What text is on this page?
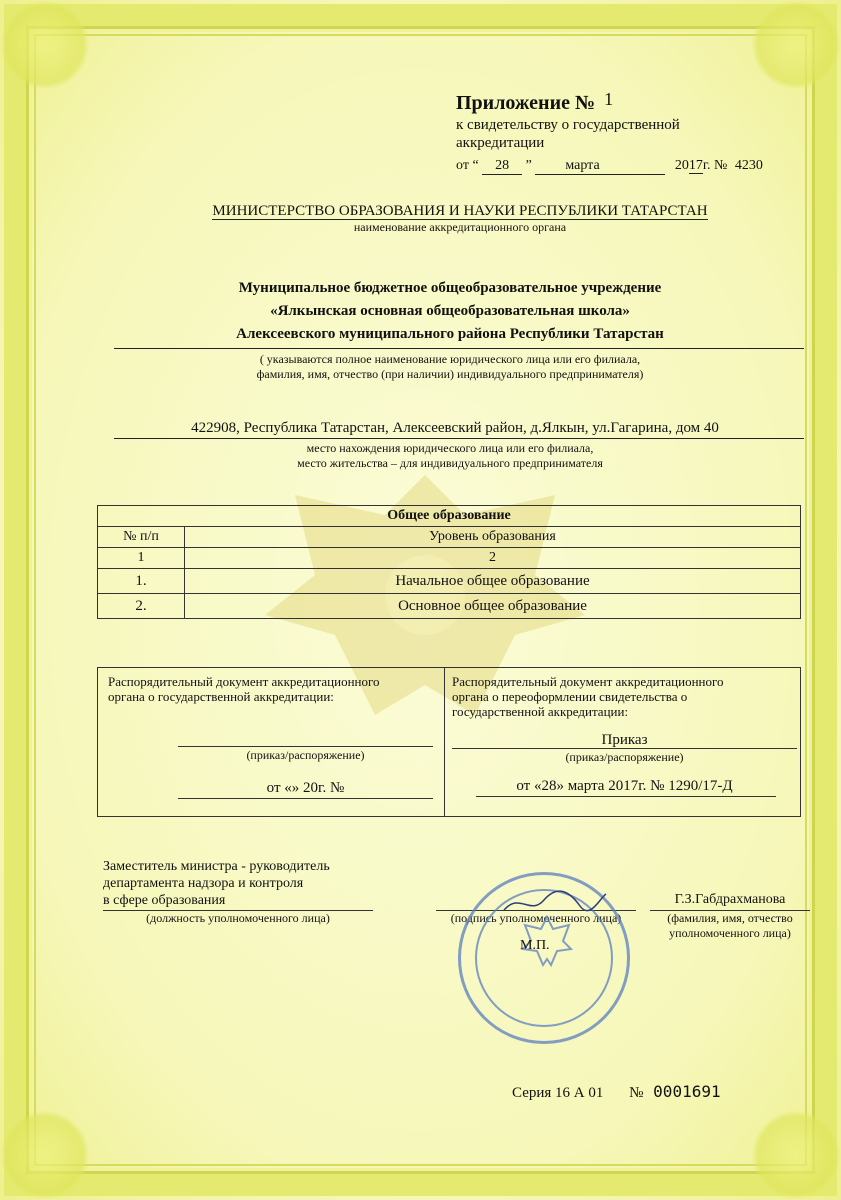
Приложение № 1
к свидетельству о государственной
аккредитации
от “ 28 ” марта	2017г. № 4230
МИНИСТЕРСТВО ОБРАЗОВАНИЯ И НАУКИ РЕСПУБЛИКИ ТАТАРСТАН
наименование аккредитационного органа
Муниципальное бюджетное общеобразовательное учреждение
«Ялкынская основная общеобразовательная школа»
Алексеевского муниципального района Республики Татарстан
( указываются полное наименование юридического лица или его филиала,
фамилия, имя, отчество (при наличии) индивидуального предпринимателя)
422908, Республика Татарстан, Алексеевский район, д.Ялкын, ул.Гагарина, дом 40
место нахождения юридического лица или его филиала,
место жительства – для индивидуального предпринимателя
Общее образование	
№ п/п	Уровень образования
1	2
1.	Начальное общее образование
2.	Основное общее образование
Распорядительный документ аккредитационного
органа о государственной аккредитации:
(приказ/распоряжение)
от «» 20г. №
Распорядительный документ аккредитационного
органа о переоформлении свидетельства о
государственной аккредитации:
Приказ
(приказ/распоряжение)
от «28» марта 2017г. № 1290/17-Д
Заместитель министра - руководитель
департамента надзора и контроля
в сфере образования
(должность уполномоченного лица)	(подпись уполномоченного лица)
Г.З.Габдрахманова
(фамилия, имя, отчество
уполномоченного лица)
М.П.
Серия 16 А 01 № 0001691
